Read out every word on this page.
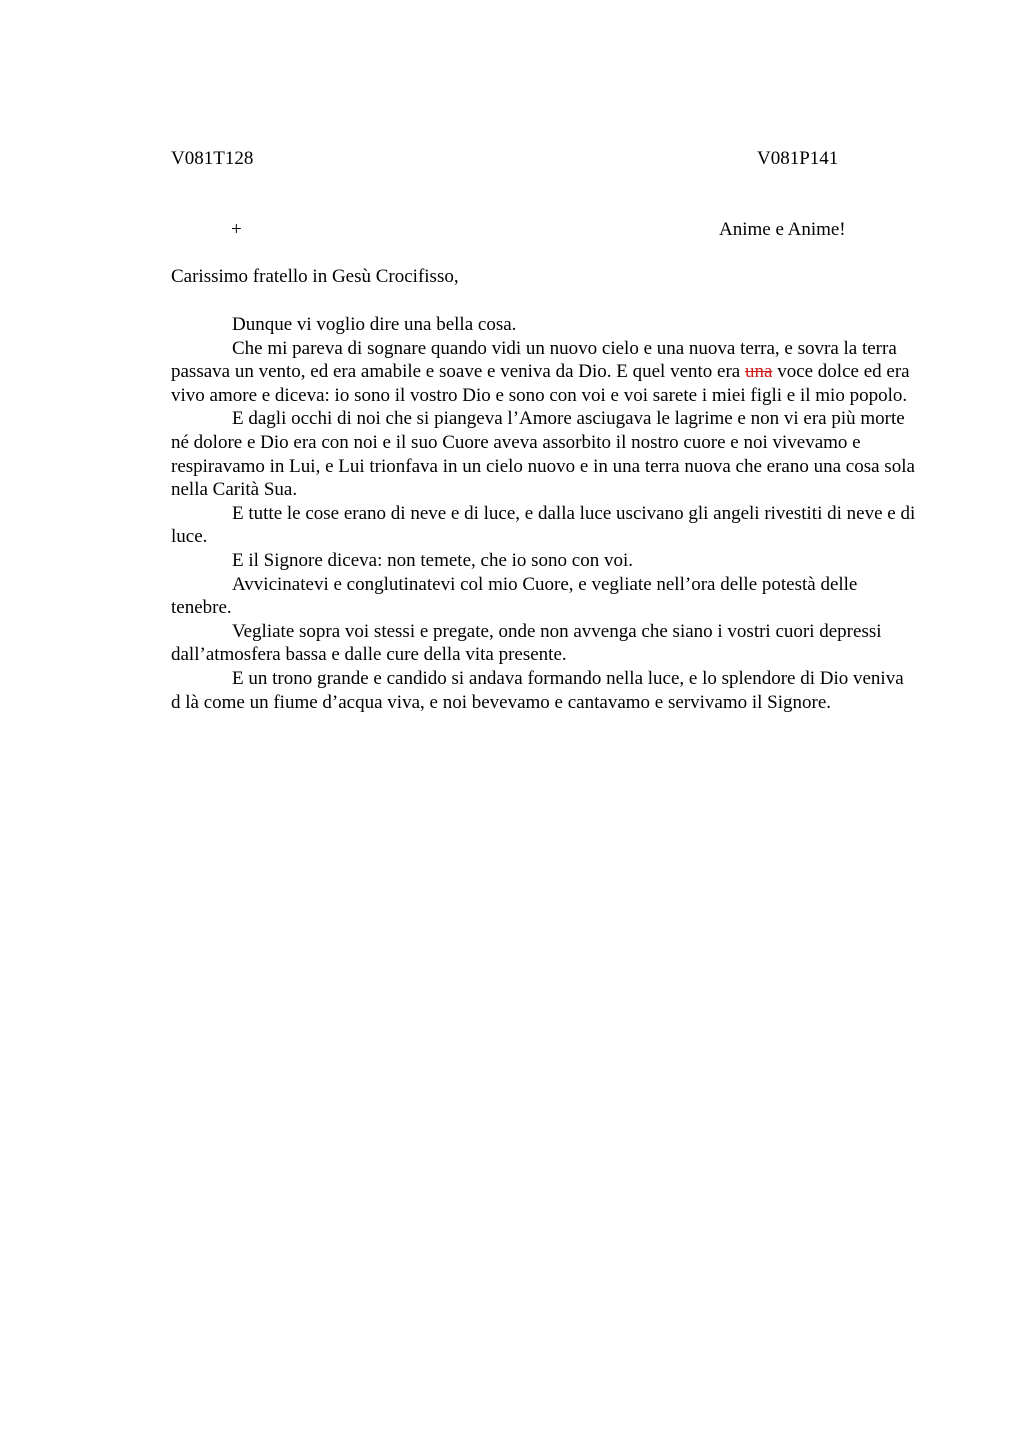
V081T128	V081P141
+	Anime e Anime!

Carissimo fratello in Gesù Crocifisso,

Dunque vi voglio dire una bella cosa.

Che mi pareva di sognare quando vidi un nuovo cielo e una nuova terra, e sovra la terra passava un vento, ed era amabile e soave e veniva da Dio. E quel vento era una voce dolce ed era vivo amore e diceva: io sono il vostro Dio e sono con voi e voi sarete i miei figli e il mio popolo.

E dagli occhi di noi che si piangeva l’Amore asciugava le lagrime e non vi era più morte né dolore e Dio era con noi e il suo Cuore aveva assorbito il nostro cuore e noi vivevamo e respiravamo in Lui, e Lui trionfava in un cielo nuovo e in una terra nuova che erano una cosa sola nella Carità Sua.

E tutte le cose erano di neve e di luce, e dalla luce uscivano gli angeli rivestiti di neve e di luce.

E il Signore diceva: non temete, che io sono con voi.

Avvicinatevi e conglutinatevi col mio Cuore, e vegliate nell’ora delle potestà delle tenebre.

Vegliate sopra voi stessi e pregate, onde non avvenga che siano i vostri cuori depressi dall’atmosfera bassa e dalle cure della vita presente.

E un trono grande e candido si andava formando nella luce, e lo splendore di Dio veniva d là come un fiume d’acqua viva, e noi bevevamo e cantavamo e servivamo il Signore.
